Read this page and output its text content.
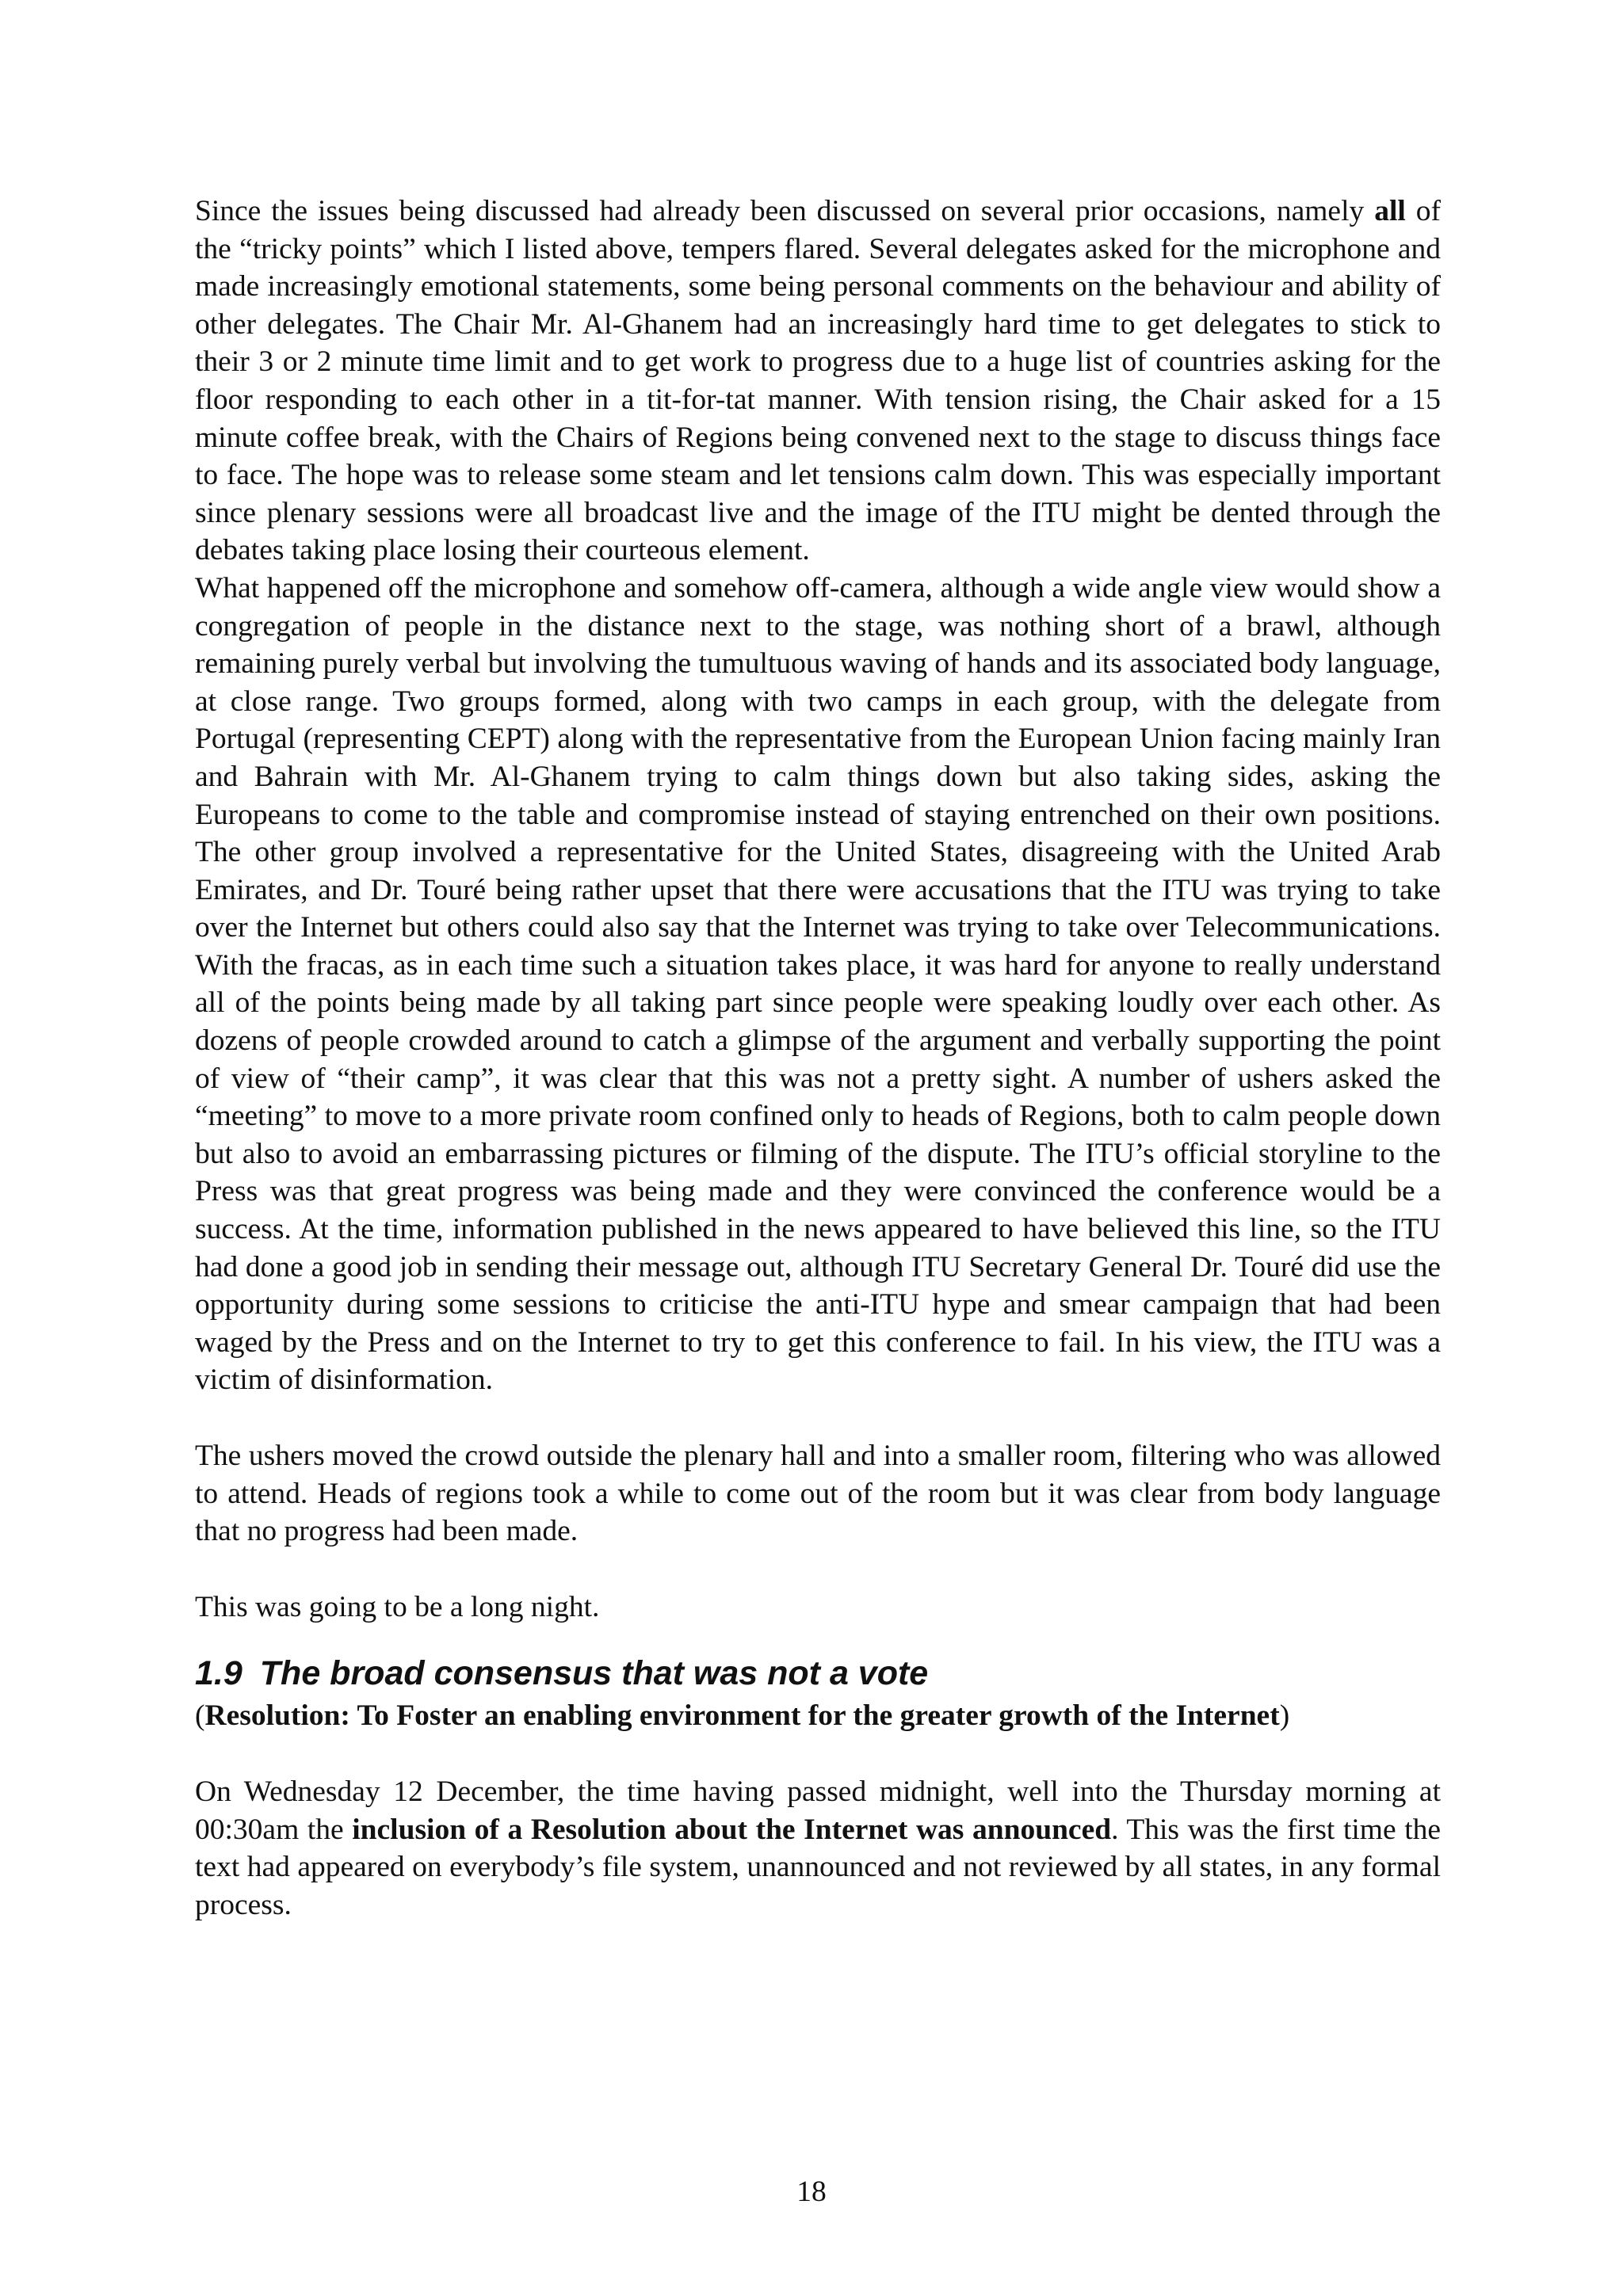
Since the issues being discussed had already been discussed on several prior occasions, namely all of the “tricky points” which I listed above, tempers flared. Several delegates asked for the microphone and made increasingly emotional statements, some being personal comments on the behaviour and ability of other delegates. The Chair Mr. Al-Ghanem had an increasingly hard time to get delegates to stick to their 3 or 2 minute time limit and to get work to progress due to a huge list of countries asking for the floor responding to each other in a tit-for-tat manner. With tension rising, the Chair asked for a 15 minute coffee break, with the Chairs of Regions being convened next to the stage to discuss things face to face. The hope was to release some steam and let tensions calm down. This was especially important since plenary sessions were all broadcast live and the image of the ITU might be dented through the debates taking place losing their courteous element.

What happened off the microphone and somehow off-camera, although a wide angle view would show a congregation of people in the distance next to the stage, was nothing short of a brawl, although remaining purely verbal but involving the tumultuous waving of hands and its associated body language, at close range. Two groups formed, along with two camps in each group, with the delegate from Portugal (representing CEPT) along with the representative from the European Union facing mainly Iran and Bahrain with Mr. Al-Ghanem trying to calm things down but also taking sides, asking the Europeans to come to the table and compromise instead of staying entrenched on their own positions. The other group involved a representative for the United States, disagreeing with the United Arab Emirates, and Dr. Touré being rather upset that there were accusations that the ITU was trying to take over the Internet but others could also say that the Internet was trying to take over Telecommunications. With the fracas, as in each time such a situation takes place, it was hard for anyone to really understand all of the points being made by all taking part since people were speaking loudly over each other. As dozens of people crowded around to catch a glimpse of the argument and verbally supporting the point of view of “their camp”, it was clear that this was not a pretty sight. A number of ushers asked the “meeting” to move to a more private room confined only to heads of Regions, both to calm people down but also to avoid an embarrassing pictures or filming of the dispute. The ITU’s official storyline to the Press was that great progress was being made and they were convinced the conference would be a success. At the time, information published in the news appeared to have believed this line, so the ITU had done a good job in sending their message out, although ITU Secretary General Dr. Touré did use the opportunity during some sessions to criticise the anti-ITU hype and smear campaign that had been waged by the Press and on the Internet to try to get this conference to fail. In his view, the ITU was a victim of disinformation.

The ushers moved the crowd outside the plenary hall and into a smaller room, filtering who was allowed to attend. Heads of regions took a while to come out of the room but it was clear from body language that no progress had been made.

This was going to be a long night.

1.9 The broad consensus that was not a vote

(Resolution: To Foster an enabling environment for the greater growth of the Internet)

On Wednesday 12 December, the time having passed midnight, well into the Thursday morning at 00:30am the inclusion of a Resolution about the Internet was announced. This was the first time the text had appeared on everybody’s file system, unannounced and not reviewed by all states, in any formal process.

18
